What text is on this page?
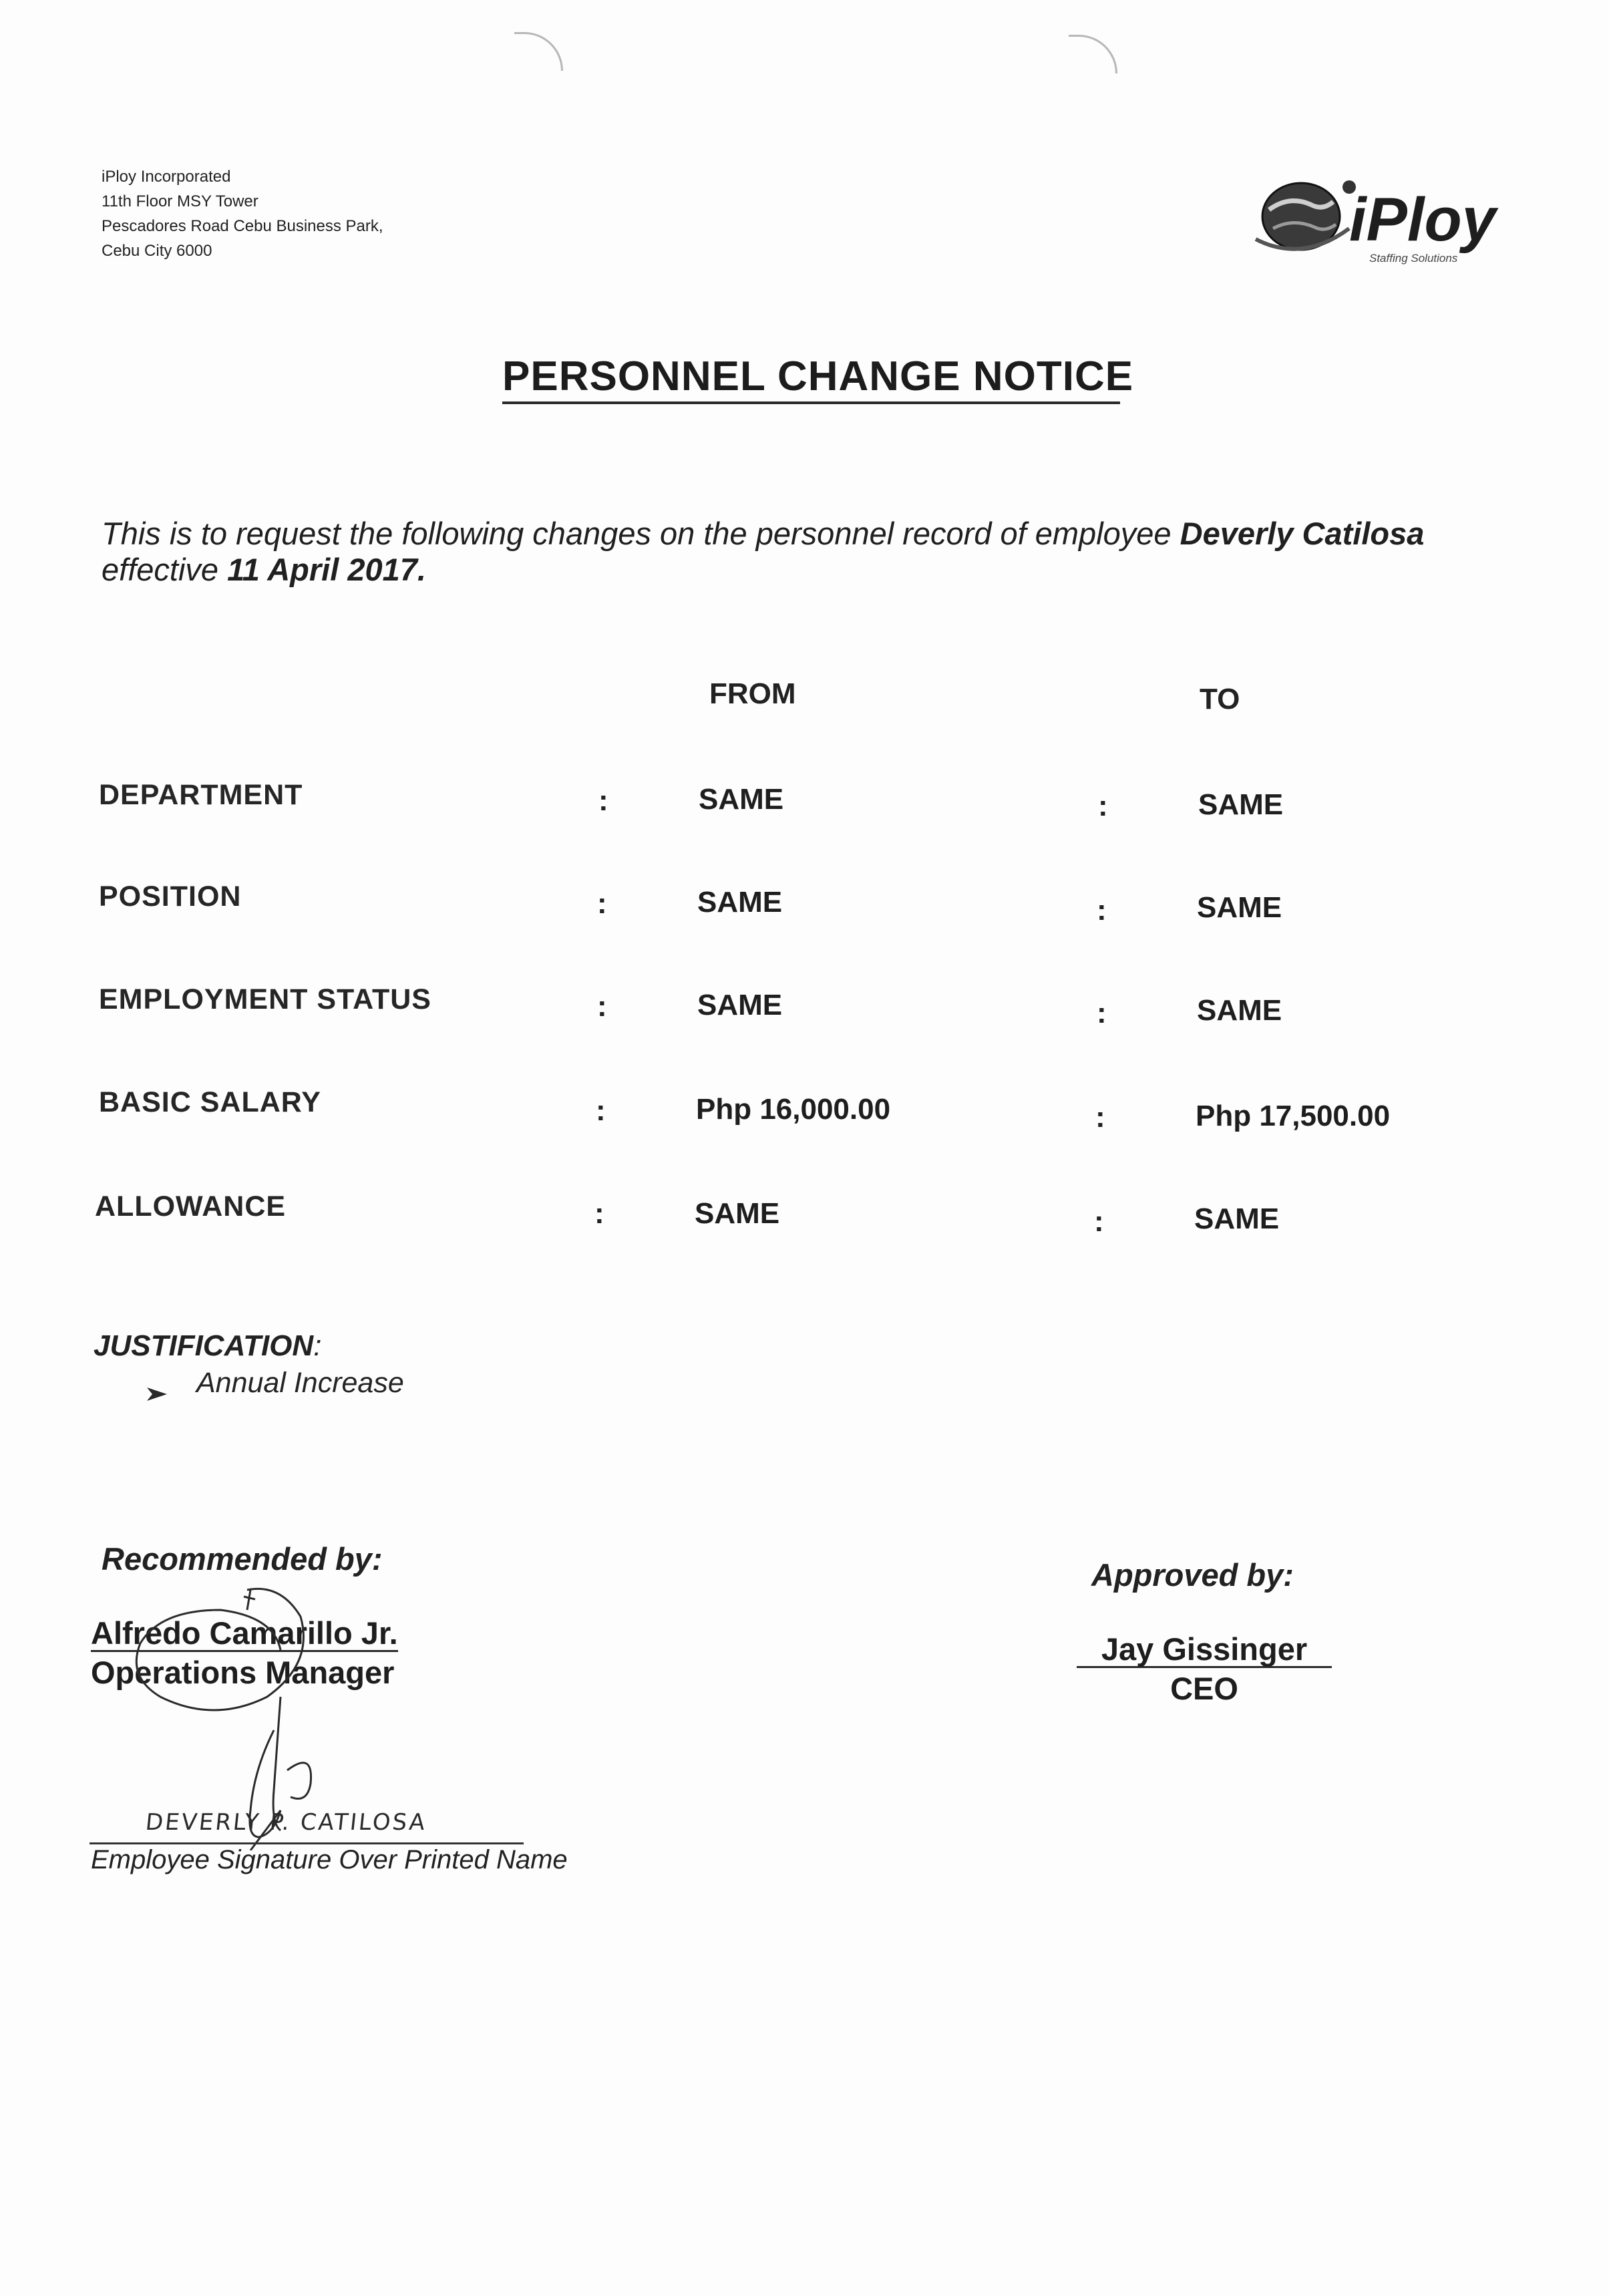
iPloy Incorporated
11th Floor MSY Tower
Pescadores Road Cebu Business Park,
Cebu City 6000	iPloy
Staffing Solutions
PERSONNEL CHANGE NOTICE
This is to request the following changes on the personnel record of employee Deverly Catilosa
effective 11 April 2017.
FROM	TO
DEPARTMENT	:	SAME	:	SAME
POSITION	:	SAME	:	SAME
EMPLOYMENT STATUS	:	SAME	:	SAME
BASIC SALARY	:	Php 16,000.00	:	Php 17,500.00
ALLOWANCE	:	SAME	:	SAME
JUSTIFICATION:
Annual Increase
Recommended by:
Alfredo Camarillo Jr.
Operations Manager
Approved by:
Jay Gissinger
CEO
DEVERLY P. CATILOSA
Employee Signature Over Printed Name
